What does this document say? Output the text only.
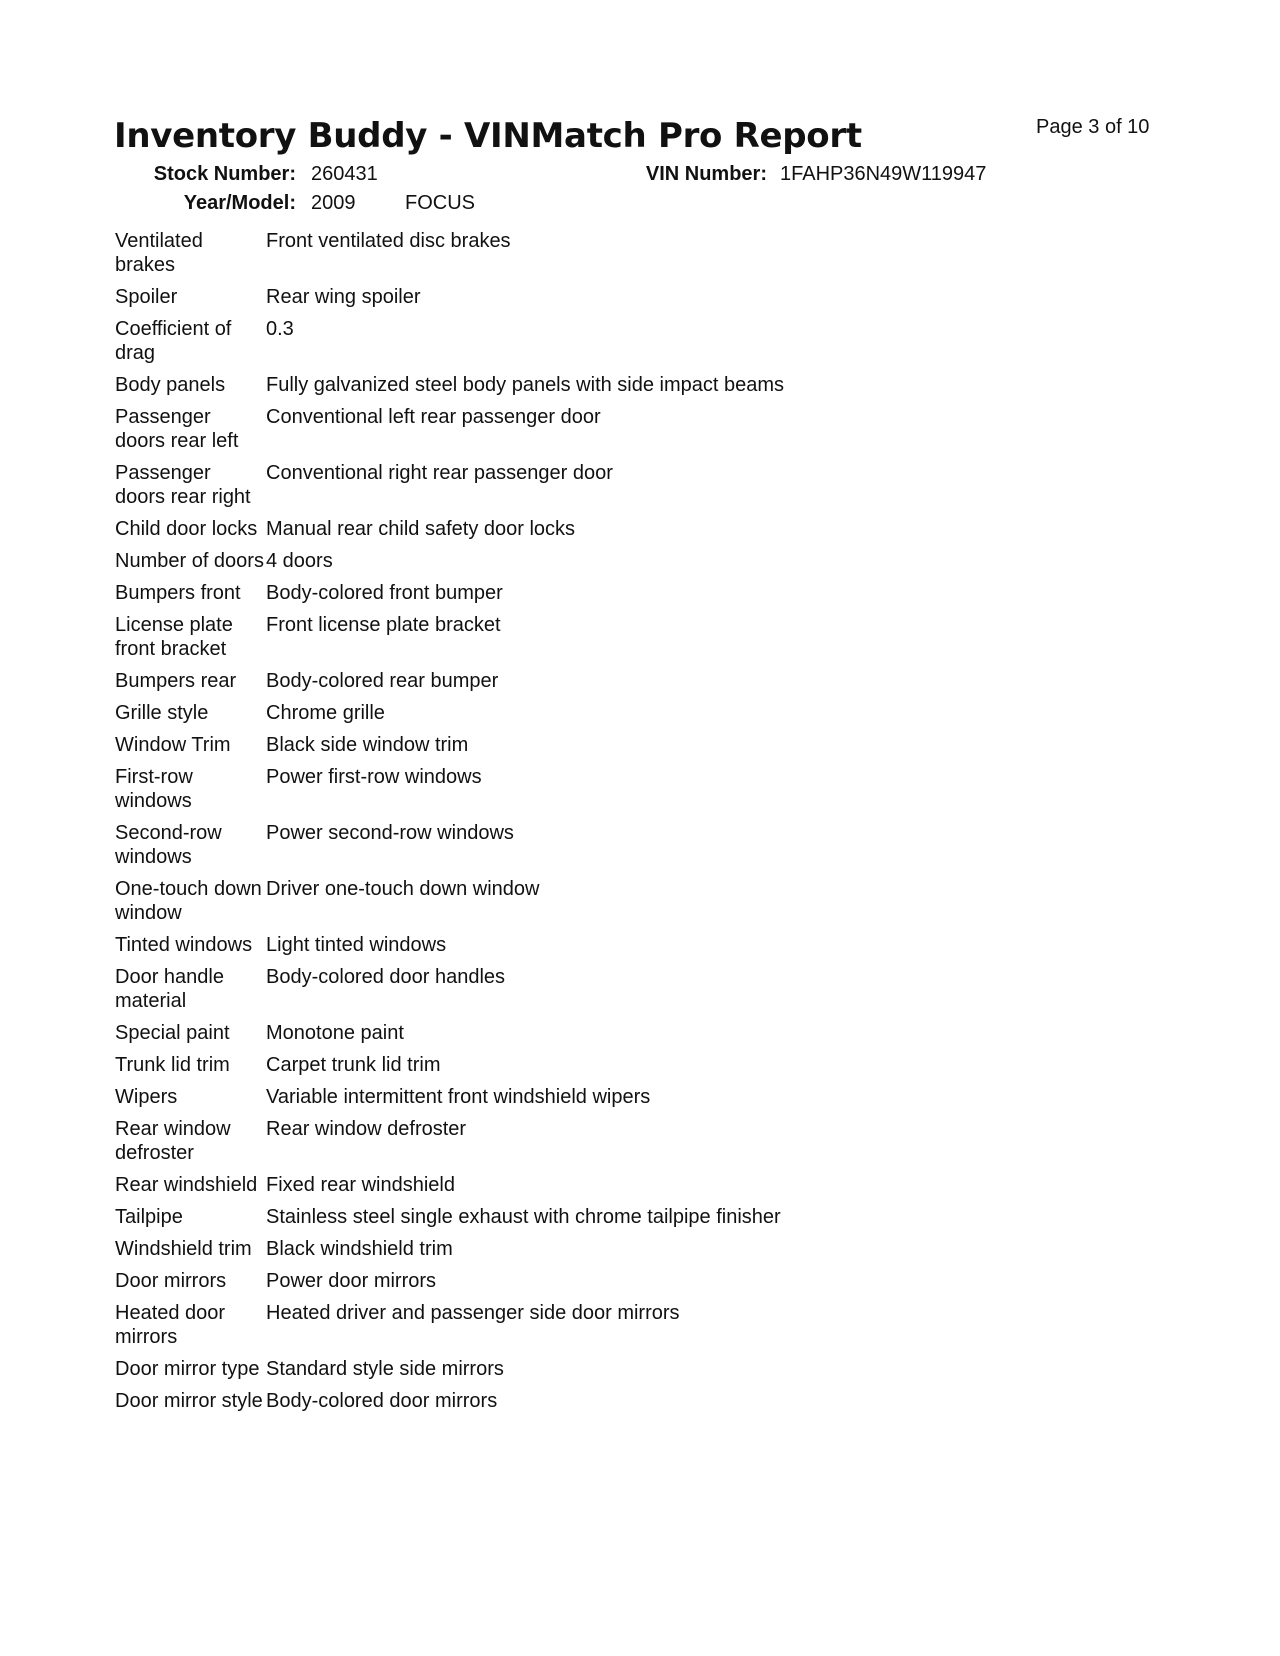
Inventory Buddy - VINMatch Pro Report	Page 3 of 10
Stock Number: 260431	VIN Number: 1FAHP36N49W119947
Year/Model: 2009 FOCUS
Ventilated brakes	Front ventilated disc brakes
Spoiler	Rear wing spoiler
Coefficient of drag	0.3
Body panels	Fully galvanized steel body panels with side impact beams
Passenger doors rear left	Conventional left rear passenger door
Passenger doors rear right	Conventional right rear passenger door
Child door locks	Manual rear child safety door locks
Number of doors	4 doors
Bumpers front	Body-colored front bumper
License plate front bracket	Front license plate bracket
Bumpers rear	Body-colored rear bumper
Grille style	Chrome grille
Window Trim	Black side window trim
First-row windows	Power first-row windows
Second-row windows	Power second-row windows
One-touch down window	Driver one-touch down window
Tinted windows	Light tinted windows
Door handle material	Body-colored door handles
Special paint	Monotone paint
Trunk lid trim	Carpet trunk lid trim
Wipers	Variable intermittent front windshield wipers
Rear window defroster	Rear window defroster
Rear windshield	Fixed rear windshield
Tailpipe	Stainless steel single exhaust with chrome tailpipe finisher
Windshield trim	Black windshield trim
Door mirrors	Power door mirrors
Heated door mirrors	Heated driver and passenger side door mirrors
Door mirror type	Standard style side mirrors
Door mirror style	Body-colored door mirrors
